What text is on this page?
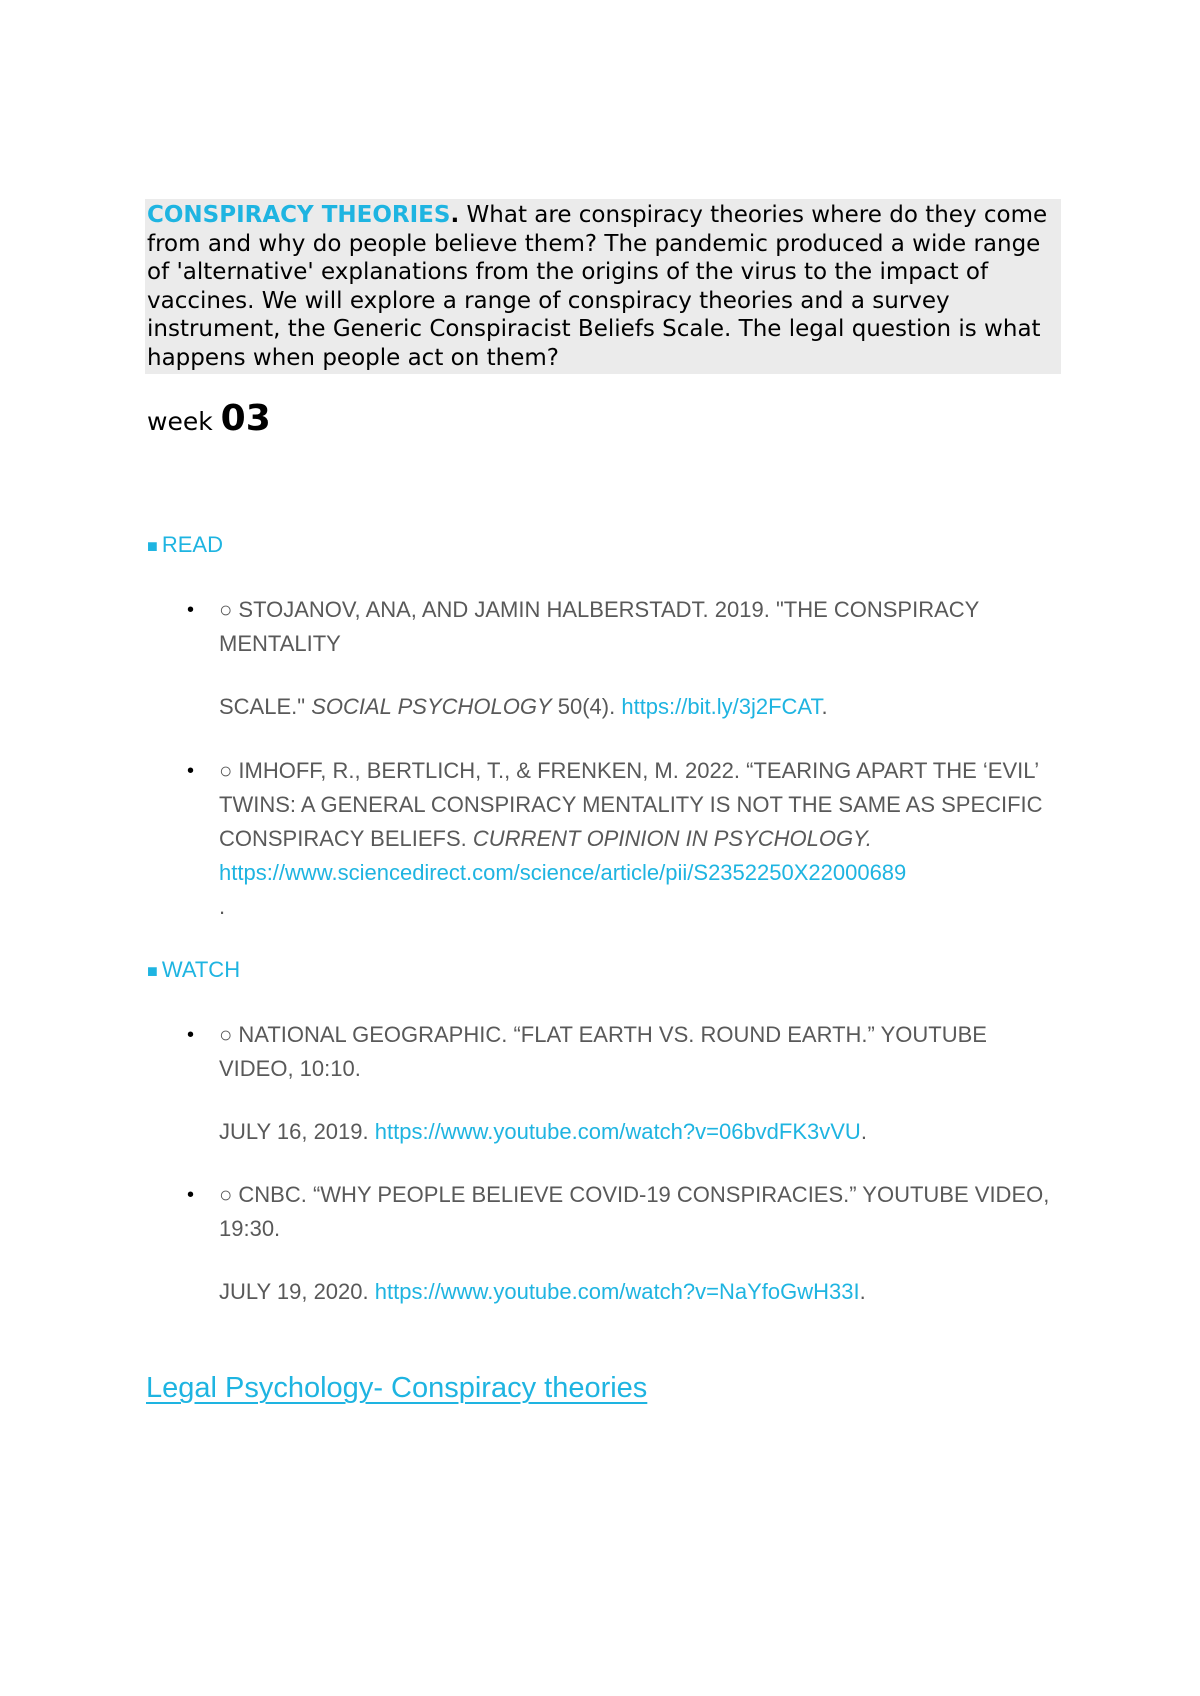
CONSPIRACY THEORIES. What are conspiracy theories where do they come from and why do people believe them? The pandemic produced a wide range of 'alternative' explanations from the origins of the virus to the impact of vaccines. We will explore a range of conspiracy theories and a survey instrument, the Generic Conspiracist Beliefs Scale. The legal question is what happens when people act on them?
week 03
■ READ
• ○ STOJANOV, ANA, AND JAMIN HALBERSTADT. 2019. "THE CONSPIRACY MENTALITY
SCALE." SOCIAL PSYCHOLOGY 50(4). https://bit.ly/3j2FCAT.
• ○ IMHOFF, R., BERTLICH, T., & FRENKEN, M. 2022. “TEARING APART THE ‘EVIL’ TWINS: A GENERAL CONSPIRACY MENTALITY IS NOT THE SAME AS SPECIFIC CONSPIRACY BELIEFS. CURRENT OPINION IN PSYCHOLOGY. https://www.sciencedirect.com/science/article/pii/S2352250X22000689
.
■ WATCH
• ○ NATIONAL GEOGRAPHIC. “FLAT EARTH VS. ROUND EARTH.” YOUTUBE VIDEO, 10:10.
JULY 16, 2019. https://www.youtube.com/watch?v=06bvdFK3vVU.
• ○ CNBC. “WHY PEOPLE BELIEVE COVID-19 CONSPIRACIES.” YOUTUBE VIDEO, 19:30.
JULY 19, 2020. https://www.youtube.com/watch?v=NaYfoGwH33I.
Legal Psychology- Conspiracy theories
